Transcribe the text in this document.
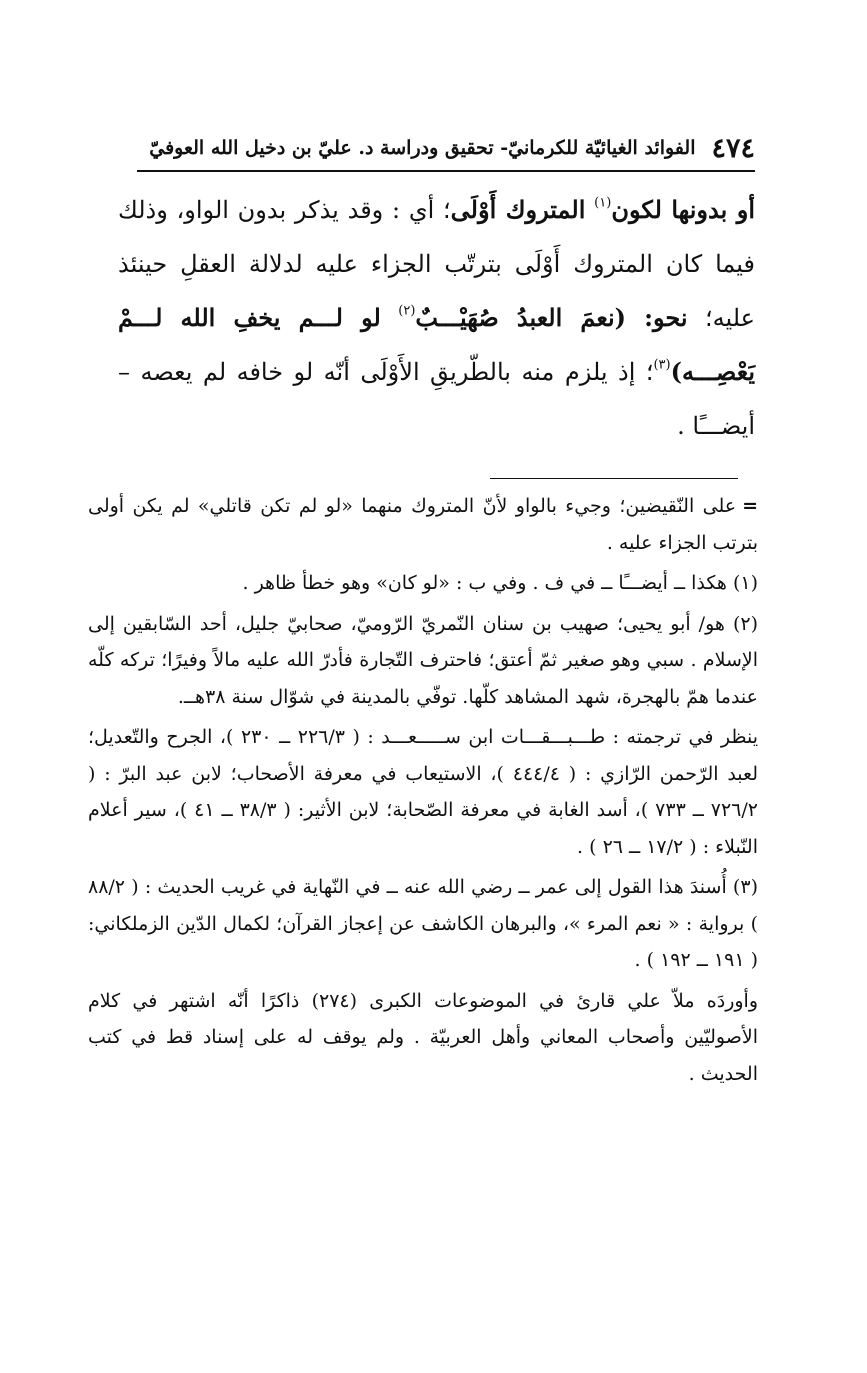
٤٧٤
الفوائد الغيائيّة للكرمانيّ- تحقيق ودراسة د. عليّ بن دخيل الله العوفيّ

أو بدونها لكون$^{(١)}$ المتروك أَوْلَى؛ أي : وقد يذكر بدون الواو، وذلك فيما كان المتروك أَوْلَى بترتّب الجزاء عليه لدلالة العقلِ حينئذ عليه؛ نحو: (نعمَ العبدُ صُهَيْـــبٌ$^{(٢)}$ لو لـــم يخفِ الله لـــمْ يَعْصِـــه)$^{(٣)}$؛ إذ يلزم منه بالطّريقِ الأَوْلَى أنّه لو خافه لم يعصه – أيضـــًا .

=على النّقيضين؛ وجيء بالواو لأنّ المتروك منهما «لو لم تكن قاتلي» لم يكن أولى بترتب الجزاء عليه .

(١) هكذا ــ أيضـــًا ــ في ف . وفي ب : «لو كان» وهو خطأ ظاهر .

(٢) هو/ أبو يحيى؛ صهيب بن سنان النّمريّ الرّوميّ، صحابيّ جليل، أحد السّابقين إلى الإسلام . سبي وهو صغير ثمّ أعتق؛ فاحترف التّجارة فأدرّ الله عليه مالاً وفيرًا؛ تركه كلّه عندما همّ بالهجرة، شهد المشاهد كلّها. توفّي بالمدينة في شوّال سنة ٣٨هــ.

ينظر في ترجمته : طـــبـــقـــات ابن ســـــعـــد : ( ٢٢٦/٣ ــ ٢٣٠ )، الجرح والتّعديل؛ لعبد الرّحمن الرّازي : ( ٤٤٤/٤ )، الاستيعاب في معرفة الأصحاب؛ لابن عبد البرّ : ( ٧٢٦/٢ ــ ٧٣٣ )، أسد الغابة في معرفة الصّحابة؛ لابن الأثير: ( ٣٨/٣ ــ ٤١ )، سير أعلام النّبلاء : ( ١٧/٢ ــ ٢٦ ) .

(٣) أُسندَ هذا القول إلى عمر ــ رضي الله عنه ــ في النّهاية في غريب الحديث : ( ٨٨/٢ ) برواية : « نعم المرء »، والبرهان الكاشف عن إعجاز القرآن؛ لكمال الدّين الزملكاني: ( ١٩١ ــ ١٩٢ ) .

وأوردَه ملاّ علي قارئ في الموضوعات الكبرى (٢٧٤) ذاكرًا أنّه اشتهر في كلام الأصوليّين وأصحاب المعاني وأهل العربيّة . ولم يوقف له على إسناد قط في كتب الحديث .
